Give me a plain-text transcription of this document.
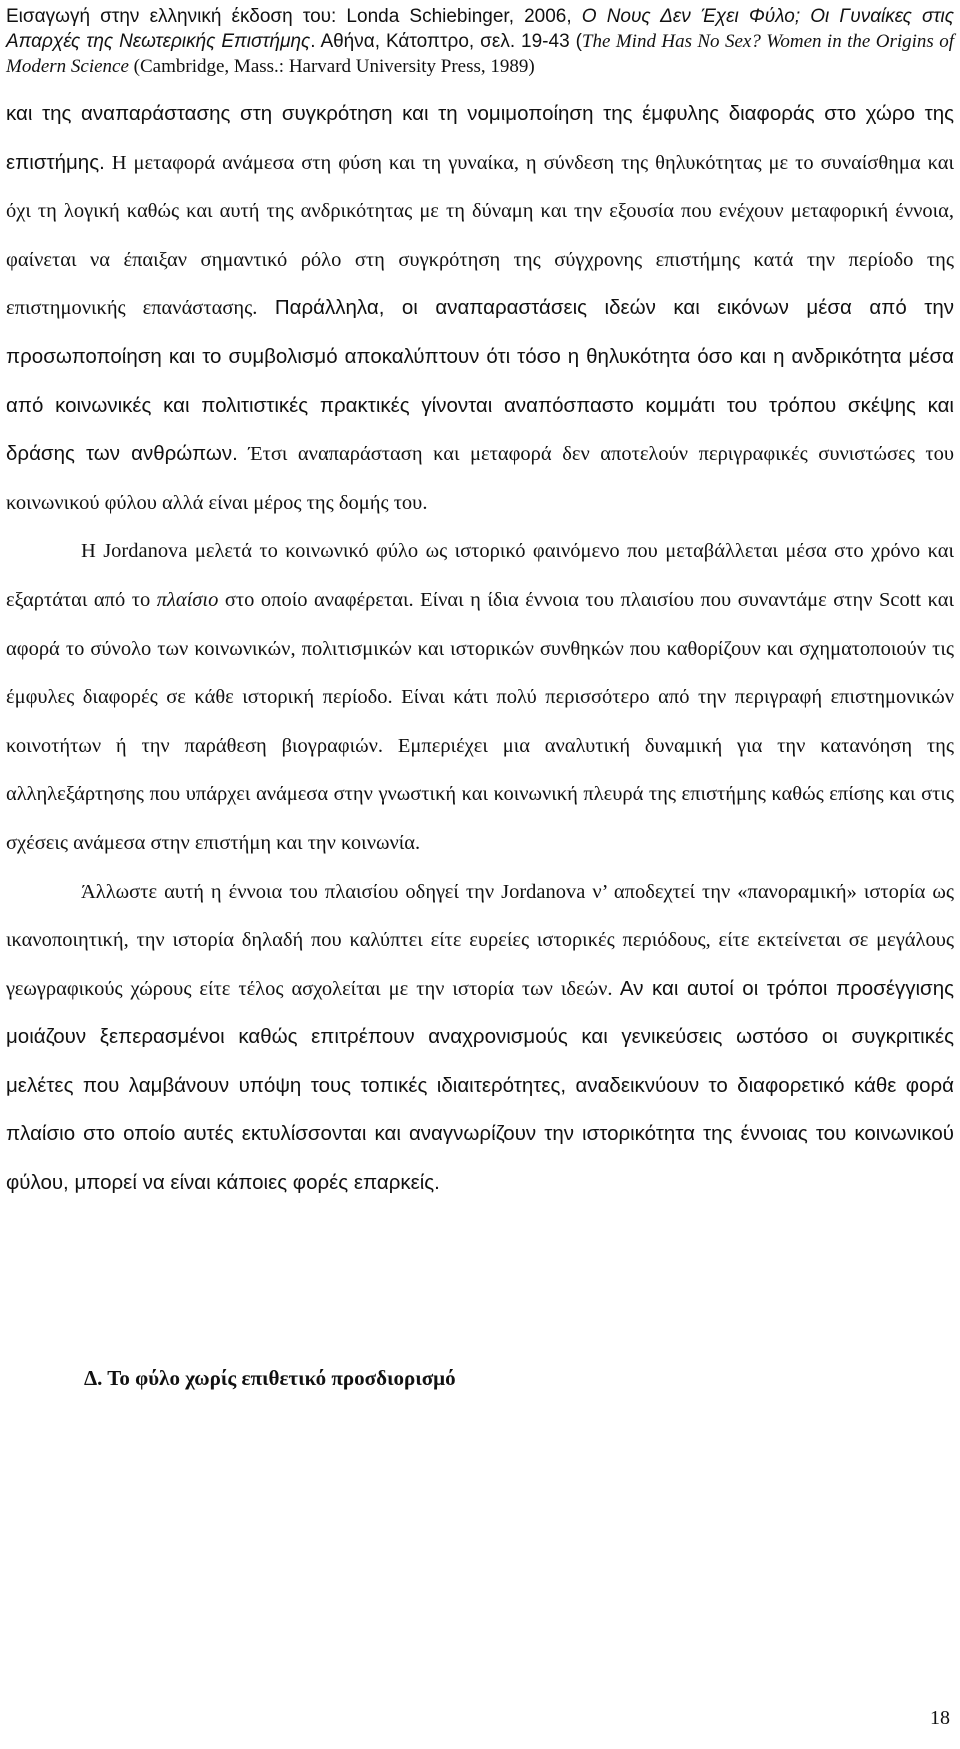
Εισαγωγή στην ελληνική έκδοση του: Londa Schiebinger, 2006, Ο Νους Δεν Έχει Φύλο; Οι Γυναίκες στις Απαρχές της Νεωτερικής Επιστήμης. Αθήνα, Κάτοπτρο, σελ. 19-43 (The Mind Has No Sex? Women in the Origins of Modern Science (Cambridge, Mass.: Harvard University Press, 1989)

και της αναπαράστασης στη συγκρότηση και τη νομιμοποίηση της έμφυλης διαφοράς στο χώρο της επιστήμης. Η μεταφορά ανάμεσα στη φύση και τη γυναίκα, η σύνδεση της θηλυκότητας με το συναίσθημα και όχι τη λογική καθώς και αυτή της ανδρικότητας με τη δύναμη και την εξουσία που ενέχουν μεταφορική έννοια, φαίνεται να έπαιξαν σημαντικό ρόλο στη συγκρότηση της σύγχρονης επιστήμης κατά την περίοδο της επιστημονικής επανάστασης. Παράλληλα, οι αναπαραστάσεις ιδεών και εικόνων μέσα από την προσωποποίηση και το συμβολισμό αποκαλύπτουν ότι τόσο η θηλυκότητα όσο και η ανδρικότητα μέσα από κοινωνικές και πολιτιστικές πρακτικές γίνονται αναπόσπαστο κομμάτι του τρόπου σκέψης και δράσης των ανθρώπων. Έτσι αναπαράσταση και μεταφορά δεν αποτελούν περιγραφικές συνιστώσες του κοινωνικού φύλου αλλά είναι μέρος της δομής του.

Η Jordanova μελετά το κοινωνικό φύλο ως ιστορικό φαινόμενο που μεταβάλλεται μέσα στο χρόνο και εξαρτάται από το πλαίσιο στο οποίο αναφέρεται. Είναι η ίδια έννοια του πλαισίου που συναντάμε στην Scott και αφορά το σύνολο των κοινωνικών, πολιτισμικών και ιστορικών συνθηκών που καθορίζουν και σχηματοποιούν τις έμφυλες διαφορές σε κάθε ιστορική περίοδο. Είναι κάτι πολύ περισσότερο από την περιγραφή επιστημονικών κοινοτήτων ή την παράθεση βιογραφιών. Εμπεριέχει μια αναλυτική δυναμική για την κατανόηση της αλληλεξάρτησης που υπάρχει ανάμεσα στην γνωστική και κοινωνική πλευρά της επιστήμης καθώς επίσης και στις σχέσεις ανάμεσα στην επιστήμη και την κοινωνία.

Άλλωστε αυτή η έννοια του πλαισίου οδηγεί την Jordanova ν’ αποδεχτεί την «πανοραμική» ιστορία ως ικανοποιητική, την ιστορία δηλαδή που καλύπτει είτε ευρείες ιστορικές περιόδους, είτε εκτείνεται σε μεγάλους γεωγραφικούς χώρους είτε τέλος ασχολείται με την ιστορία των ιδεών. Αν και αυτοί οι τρόποι προσέγγισης μοιάζουν ξεπερασμένοι καθώς επιτρέπουν αναχρονισμούς και γενικεύσεις ωστόσο οι συγκριτικές μελέτες που λαμβάνουν υπόψη τους τοπικές ιδιαιτερότητες, αναδεικνύουν το διαφορετικό κάθε φορά πλαίσιο στο οποίο αυτές εκτυλίσσονται και αναγνωρίζουν την ιστορικότητα της έννοιας του κοινωνικού φύλου, μπορεί να είναι κάποιες φορές επαρκείς.

Δ. Το φύλο χωρίς επιθετικό προσδιορισμό
18
